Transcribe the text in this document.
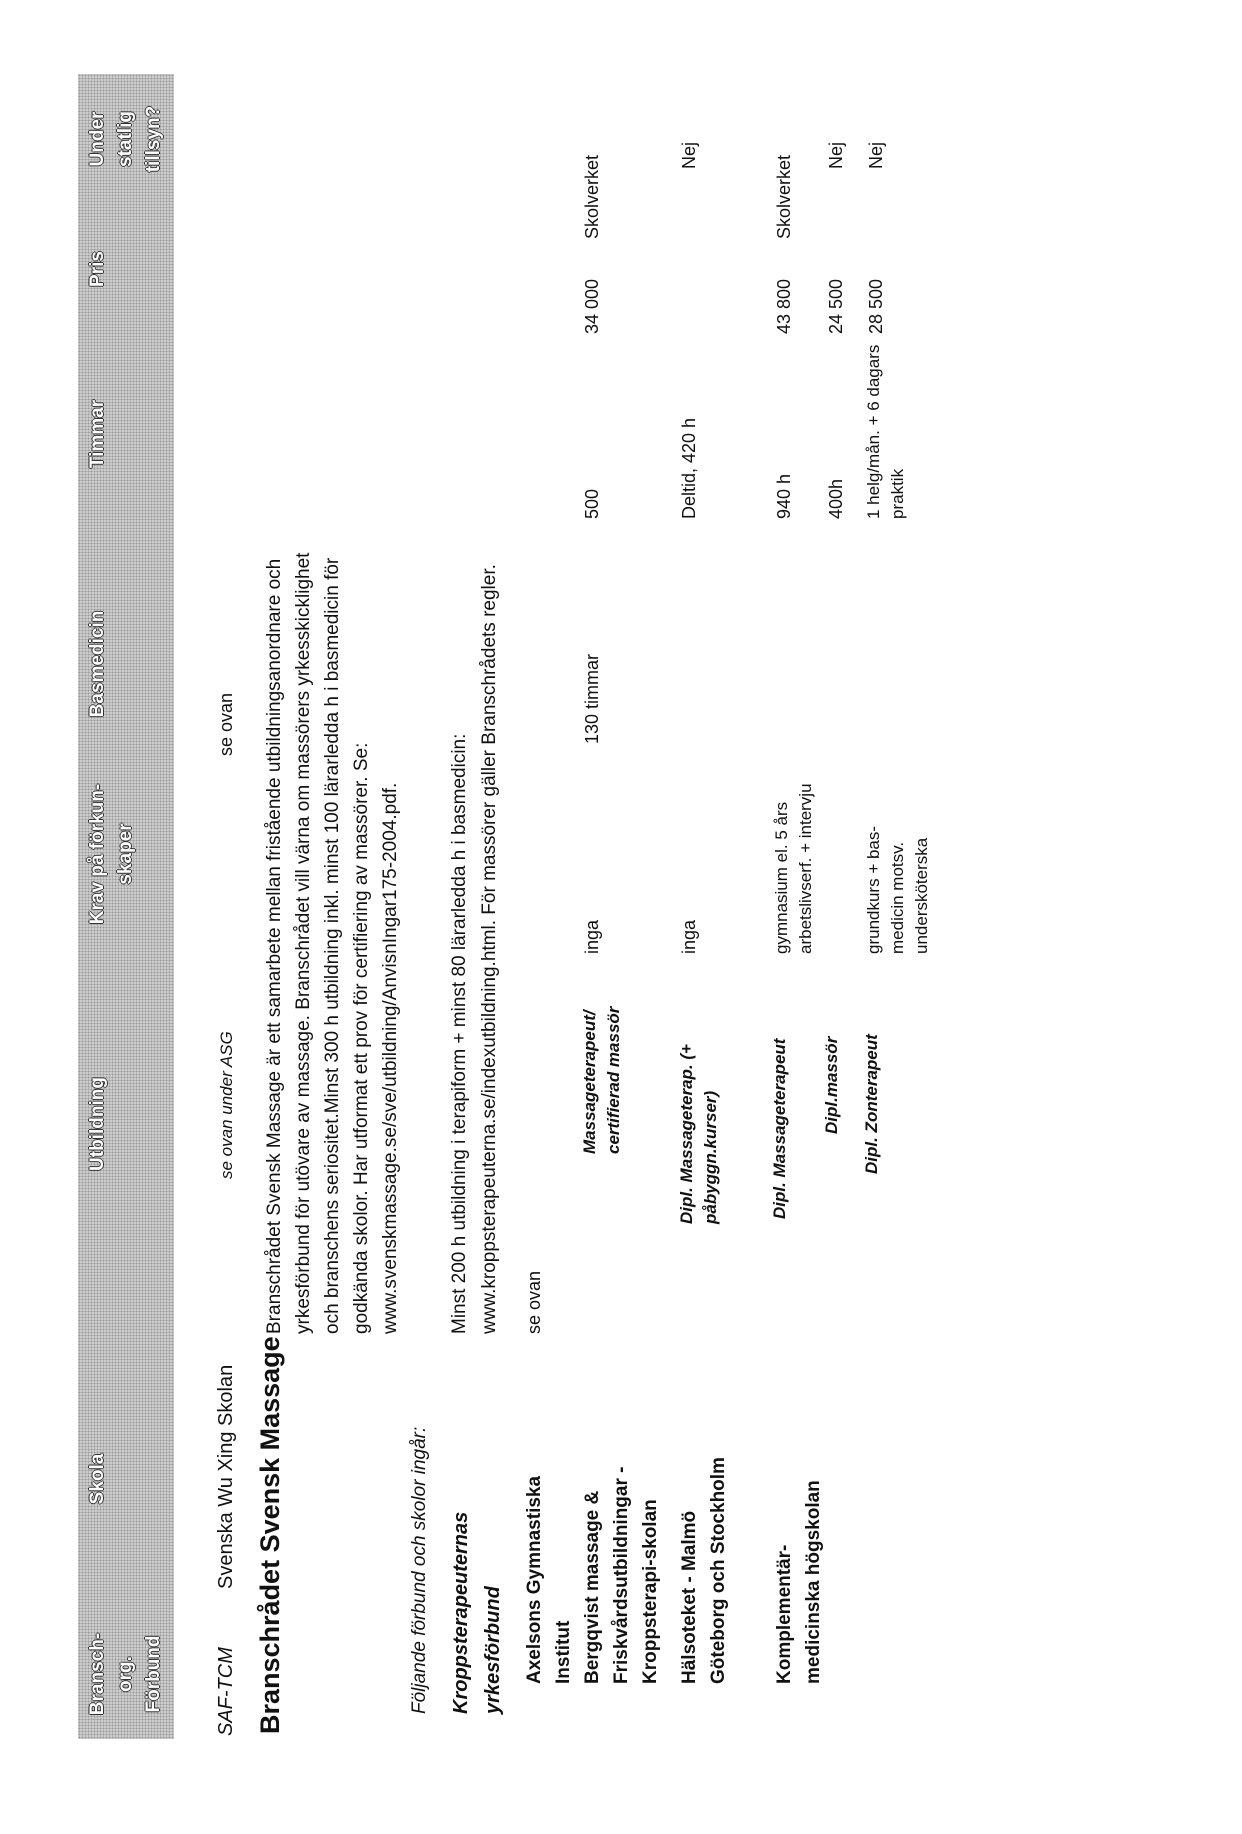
Bransch-
org.
Förbund
Skola
Utbildning
Krav på förkun-
skaper
Basmedicin
Timmar
Pris
Under
statlig
tillsyn?
SAF-TCM
Svenska Wu Xing Skolan
se ovan under ASG
se ovan
Branschrådet Svensk Massage
Branschrådet Svensk Massage är ett samarbete mellan fristående utbildningsanordnare och
yrkesförbund för utövare av massage. Branschrådet vill värna om massörers yrkesskicklighet
och branschens seriositet.Minst 300 h utbildning inkl. minst 100 lärarledda h i basmedicin för
godkända skolor. Har utformat ett prov för certifiering av massörer. Se:
www.svenskmassage.se/sve/utbildning/AnvisnIngar175-2004.pdf.
Följande förbund och skolor ingår: Kroppsterapeuternas
yrkesförbund
Minst 200 h utbildning i terapiform + minst 80 lärarledda h i basmedicin:
www.kroppsterapeuterna.se/indexutbildning.html. För massörer gäller Branschrådets regler.
Axelsons Gymnastiska
Institut
se ovan
Bergqvist massage &
Friskvårdsutbildningar -
Kroppsterapi-skolan
Massageterapeut/
certifierad massör
inga
130 timmar
500
34 000
Skolverket
Hälsoteket - Malmö
Göteborg och Stockholm
Dipl. Massageterap. (+
påbyggn.kurser)
inga
Deltid, 420 h
Nej
Komplementär-
medicinska högskolan
Dipl. Massageterapeut
gymnasium el. 5 års
arbetslivserf. + intervju
940 h
43 800
Skolverket
Dipl.massör
400h
24 500
Nej
Dipl. Zonterapeut
grundkurs + bas-
medicin motsv.
undersköterska
1 helg/mån. + 6 dagars
praktik
28 500
Nej
